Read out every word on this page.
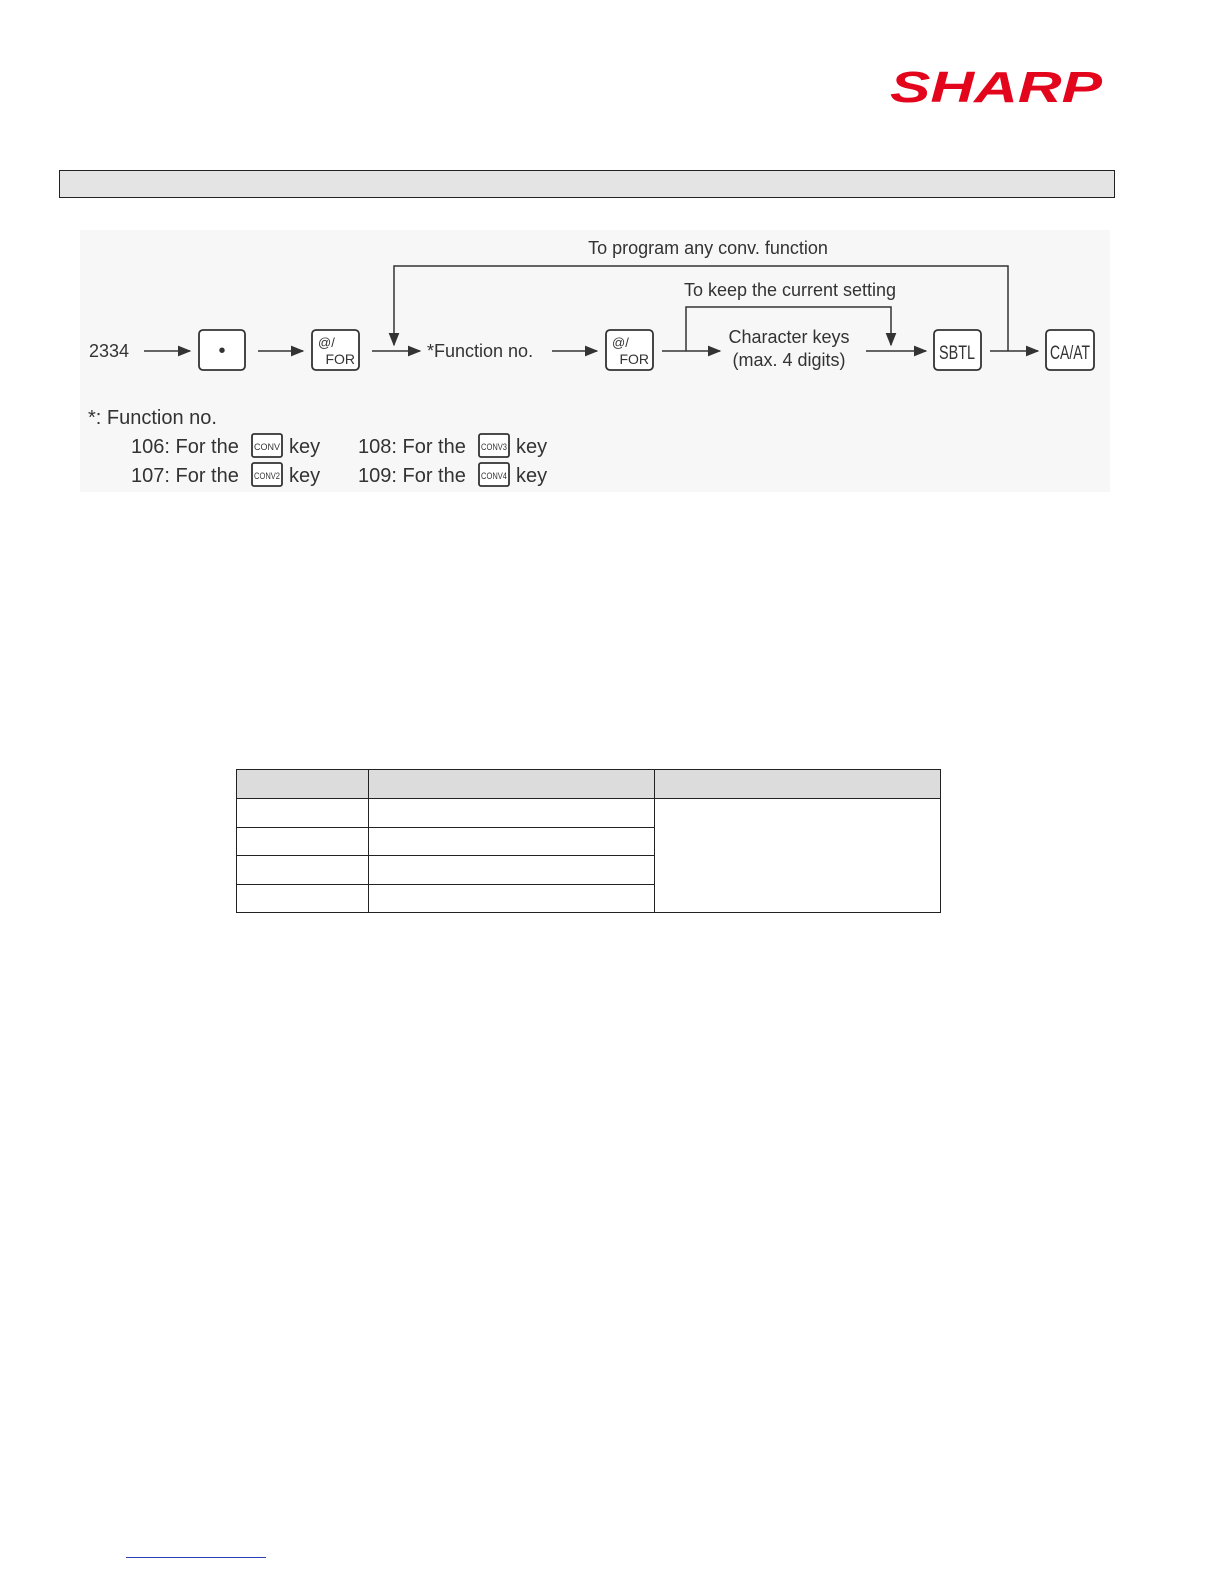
SHARP
To program any conv. function
To keep the current setting
2334	•	@/
FOR	*Function no.	@/
FOR
Character keys
(max. 4 digits)	SBTL	CA/AT
*: Function no.
106: For the CONV key
107: For the CONV2 key
108: For the CONV3 key
109: For the CONV4 key
